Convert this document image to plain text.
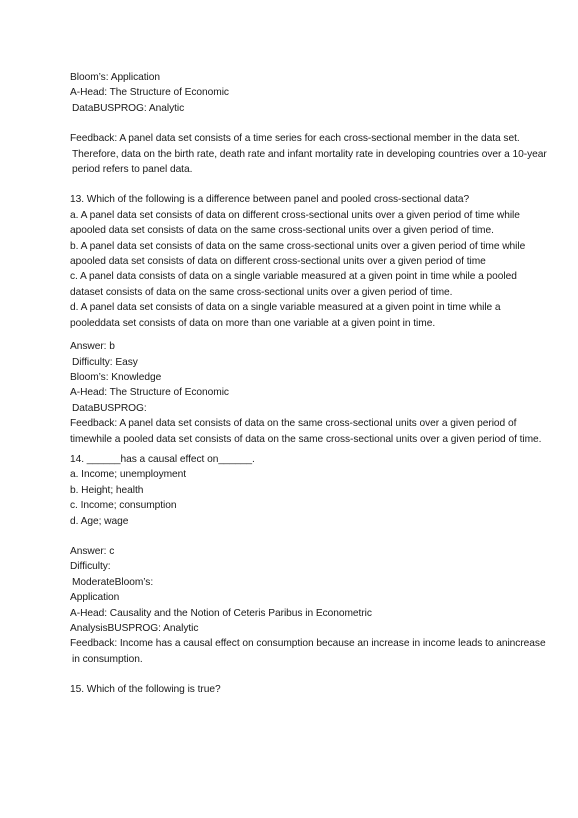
Bloom’s: Application
A-Head: The Structure of Economic
DataBUSPROG: Analytic
Feedback: A panel data set consists of a time series for each cross-sectional member in the data set.
Therefore, data on the birth rate, death rate and infant mortality rate in developing countries over a 10-year
period refers to panel data.
13. Which of the following is a difference between panel and pooled cross-sectional data?
a. A panel data set consists of data on different cross-sectional units over a given period of time while
apooled data set consists of data on the same cross-sectional units over a given period of time.
b. A panel data set consists of data on the same cross-sectional units over a given period of time while
apooled data set consists of data on different cross-sectional units over a given period of time
c. A panel data consists of data on a single variable measured at a given point in time while a pooled
dataset consists of data on the same cross-sectional units over a given period of time.
d. A panel data set consists of data on a single variable measured at a given point in time while a
pooleddata set consists of data on more than one variable at a given point in time.
Answer: b
Difficulty: Easy
Bloom’s: Knowledge
A-Head: The Structure of Economic
DataBUSPROG:
Feedback: A panel data set consists of data on the same cross-sectional units over a given period of
timewhile a pooled data set consists of data on the same cross-sectional units over a given period of time.
14. ______has a causal effect on______.
a. Income; unemployment
b. Height; health
c. Income; consumption
d. Age; wage
Answer: c
Difficulty:
ModerateBloom’s:
Application
A-Head: Causality and the Notion of Ceteris Paribus in Econometric
AnalysisBUSPROG: Analytic
Feedback: Income has a causal effect on consumption because an increase in income leads to anincrease
in consumption.
15. Which of the following is true?
